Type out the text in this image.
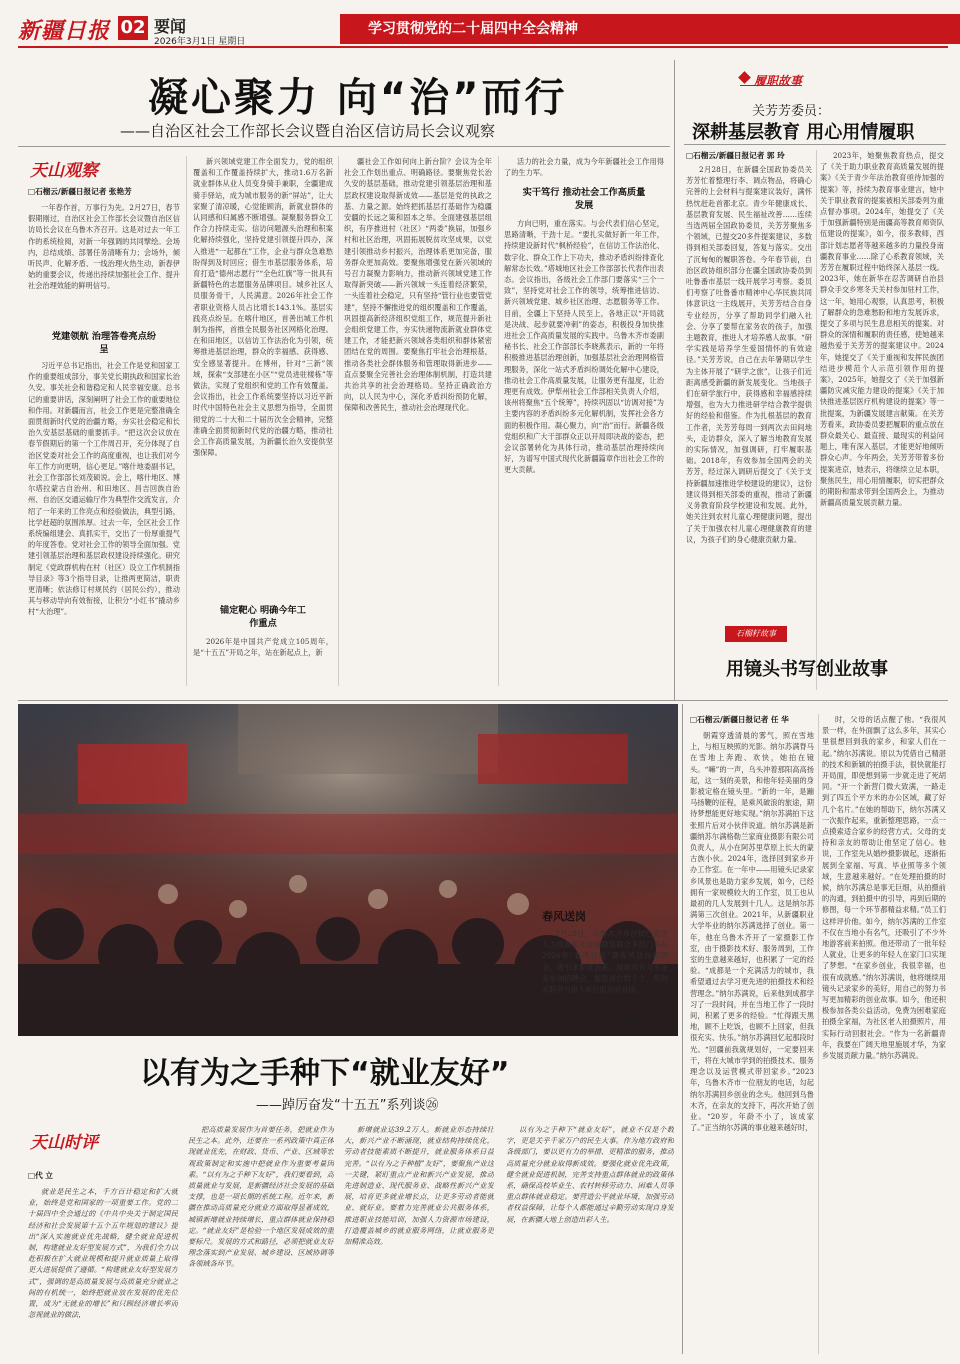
新疆日报 02 要闻
2026年3月1日 星期日
学习贯彻党的二十届四中全会精神
凝心聚力 向“治”而行
——自治区社会工作部长会议暨自治区信访局长会议观察
天山观察
□石榴云/新疆日报记者 张艳芳

一年春作首，万事行为先。2月27日，春节假期刚过，自治区社会工作部长会议暨自治区信访局长会议在乌鲁木齐召开。这是对过去一年工作的系统检阅，对新一年强调的共同擘绘。会场内，总结成绩、部署任务清晰有力；会场外，倾听民声、化解矛盾、一线治理火热生动，新春伊始的重要会议，传递出持续加强社会工作、提升社会治理效能的鲜明信号。

党建领航 治理答卷亮点纷呈

习近平总书记指出，社会工作是党和国家工作的重要组成部分，事关党长期执政和国家长治久安。事关社会和谐稳定和人民幸福安康。总书记的重要讲话，深刻阐明了社会工作的重要地位和作用。对新疆而言，社会工作更是完整准确全面贯彻新时代党的治疆方略，夯实社会稳定和长治久安基层基础的重要抓手。“把这次会议放在春节假期后的第一个工作周召开，充分体现了自治区党委对社会工作的高度重视，也让我们对今年工作方向更明，信心更足。”喀什地委副书记，社会工作部部长刘茂硕说。会上，喀什地区、博尔塔拉蒙古自治州、和田地区、昌吉回族自治州、自治区交通运输厅作为典型作交流发言，介绍了一年来的工作亮点和经验做法，典型引路，比学赶超的氛围浓厚。过去一年，全区社会工作系统编组建会、真抓实干，交出了一份厚重提气的年度答卷。党对社会工作的领导全面加强。党建引领基层治理和基层政权建设持续强化。研究制定《党政群机构在村（社区）设立工作机制指导目录》等3个指导目录，让推两更简洁，职责更清晰；依法修订村规民约（居民公约），推动其与移动导向有效衔接，让积分“小红书”撬动乡村“大治理”。

新兴领域党建工作全面发力，党的组织覆盖和工作覆盖持续扩大，推动1.6万名新就业群体从业人员变身骑手兼职，全疆建成骑手驿站，成为城市服务的新“屏站”，让大家聚了清凉暖，心觉能顾消，新就业群体的认同感和归属感不断增强。凝聚服务群众工作合力持续走实。信访问题源头治理和积案化解持续强化，坚持党建引领提升四办，深入推进“一起都在”工作，企业与群众急难愁盼得到及时回应；借生市基层服务体系，培育打造“德州志愿行”“全色红旗”等一批具有新疆特色的志愿服务品牌项目。城乡社区人员服务骨干，人民满意。2026年社会工作者职业资格人员占比增长143.1%。基层实践亮点纷呈。在喀什地区，首善出城工作机制为指挥，首推全民服务社区网格化治理。在和田地区，以信访工作法治化为引领，统筹推进基层治理，群众的幸福感、获得感、安全感显著提升。在博州，针对“三新”领域，探索“支部建在小区”“党员进驻楼栋”等做法，实现了党组织和党的工作有效覆盖。会议指出，社会工作系统要坚持以习近平新时代中国特色社会主义思想为指导，全面贯彻党的二十大和二十届历次全会精神，完整准确全面贯彻新时代党的治疆方略，推动社会工作高质量发展，为新疆长治久安提供坚强保障。

锚定靶心 明确今年工作重点

2026年是中国共产党成立105周年，是“十五五”开局之年，站在新起点上，新

疆社会工作如何向上新台阶？会议为全年社会工作划出重点、明确路径。要聚焦党长治久安的基层基础，推动党建引领基层治理和基层政权建设取得新成效——基层是党的执政之基、力量之源。始终把抓基层打基础作为稳疆安疆的长远之策和固本之举。全面建强基层组织，有序推进村（社区）“两委”换届，加强乡村和社区治理，巩固拓展脱贫攻坚成果，以党建引领推动乡村振兴，治理体系更加完备，服务群众更加高效。要聚焦增强党在新兴领域的号召力凝聚力影响力，推动新兴领域党建工作取得新突破——新兴领域一头连着经济繁荣，一头连着社会稳定，只有坚持“管行业也要管党建”，坚持不懈推进党的组织覆盖和工作覆盖，巩固提高新经济组织党组工作，规范提升新社会组织党建工作，夯实快递物流新就业群体党建工作，才能把新兴领域各类组织和群体紧密团结在党的周围。要聚焦打牢社会治理根基，推动各类社会群体服务和管理取得新进步——直点要聚全完善社会治理体制机制，打造共建共治共享的社会治理格局。坚持正确政治方向，以人民为中心，深化矛盾纠纷预防化解，保障和改善民生，推动社会治理现代化。

活力的社会力量，成为今年新疆社会工作用得了的生力军。

实干笃行 推动社会工作高质量发展

方向已明，重在落实。与会代表们信心坚定，思路清晰，干劲十足。“要扎实做好新一年工作，持续建设新时代“枫桥经验”，在信访工作法治化、数字化、群众工作上下功夫，推动矛盾纠纷排查化解常态长效。”塔城地区社会工作部部长代表作出表态。会议指出，各级社会工作部门要落实“三个一致”，坚持党对社会工作的领导，统筹推进信访、新兴领域党建、城乡社区治理、志愿服务等工作。目前，全疆上下坚持人民至上，各地正以“开局就是决战、起步就要冲刺”的姿态，积极投身加快推进社会工作高质量发展的实践中。乌鲁木齐市委副秘书长、社会工作部部长李晓燕表示，新的一年将积极推进基层治理创新，加强基层社会治理网格管理服务，深化一站式矛盾纠纷调处化解中心建设，推动社会工作高质量发展，让服务更有温度，让治理更有成效。伊犁州社会工作部相关负责人介绍，该州将聚焦“五个统筹”，持续巩固以“访调对接”为主要内容的矛盾纠纷多元化解机制，发挥社会各方面的积极作用。凝心聚力，向“治”而行。新疆各级党组织和广大干部群众正以开局即决战的姿态，把会议部署转化为具体行动，推动基层治理持续向好，为谱写中国式现代化新疆篇章作出社会工作的更大贡献。

履职故事
关芳芳委员：
深耕基层教育 用心用情履职
□石榴云/新疆日报记者 郭 玲

2月28日，在新疆全国政协委员关芳芳忙着整理行李、调点物品，将确心完善的上会材料与提案建议装好，满怀热忱赶赴首都北京。青少年健康成长、基层教育发展、民生福祉改善……连续当选两届全国政协委员，关芳芳聚焦多个领域，已提交20多件提案建议，多数得到相关部委回复，答复与落实。交出了沉甸甸的履职答卷。今年春节前，自治区政协组织部分在疆全国政协委员到吐鲁番市基层一线开展学习考察。委员们考察了吐鲁番市精神中心华民族共同体意识这一主线展开，关芳芳结合自身专业经历，分享了帮助同学们融入社会、分享了要帮在家务农的孩子，加强主题教育，推进人才培养感人故事。“研学实践是培养学生爱国情怀的有效途径。”关芳芳说，自己在去年暑期以学生为主体开展了“研学之旅”，让孩子们近距离感受新疆的新发展变化。当地孩子们在研学旅行中，获得感和幸福感持续增强，也为大力推进研学结合教学提供好的经验和借鉴。作为扎根基层的教育工作者，关芳芳每周一到两次去田间地头，走访群众，深入了解当地教育发展的实际情况，加强调研，打牢履职基础。2018年，有效参加全国两会的关芳芳，经过深入调研后提交了《关于支持新疆加速推进学校建设的建议》，这份建议得到相关部委的重视，推动了新疆义务教育阶段学校建设和发展。此外，她关注到农村儿童心理健康问题，提出了关于加强农村儿童心理健康教育的建议，为孩子们的身心健康贡献力量。

2023年，她聚焦教育热点，提交了《关于助力职业教育高质量发展的提案》《关于青少年法治教育亟待加强的提案》等，持续为教育事业建言，她中关于职业教育的提案被相关部委列为重点督办事项。2024年，她提交了《关于加强新疆特别是南疆高等教育师资队伍建设的提案》，如今，很多教师，西部计划志愿者等越来越多的力量投身南疆教育事业……除了心系教育领域，关芳芳在履职过程中始终深入基层一线。2023年，她在新华在忍苦调研自治县群众手交乡寒冬天关村参加驻村工作，这一年，她用心观察，认真思考，积极了解群众的急难愁盼和地方发展诉求，提交了多项与民生息息相关的提案。对群众的深情和履职的责任感，使她越来越热爱于关芳芳的提案建议中。2024年，她提交了《关于重视和发挥民族团结进步模范个人示范引领作用的提案》，2025年，她提交了《关于加强新疆防灾减灾能力建设的提案》《关于加快推进基层医疗机构建设的提案》等一批提案，为新疆发展建言献策。在关芳芳看来，政协委员要把履职的重点放在群众最关心、最直接、最现实的利益问题上，唯有深入基层，才能更好地倾听群众心声。今年两会，关芳芳带着多份提案进京，她表示，将继续立足本职，聚焦民生，用心用情履职，切实把群众的期盼和需求带到全国两会上，为推动新疆高质量发展贡献力量。

石榴籽故事
用镜头书写创业故事
春风送岗

2月28日，乌鲁木齐市沙依巴克区人力资源和社会保障局联合多部门举办2026年“春风行动”暨春风送岗招聘会，吸引求职者前来。现场共有众多企业参加招聘会，提供岗位数千个，帮助求职者与用人单位面对面对接。

□石榴云/新疆日报记者 王 简 摄
□石榴云/新疆日报记者 任 华

朝霞穿透清晨的雾气，照在雪地上，与相互映照的光影。纳尔苏满脊马在雪地上奔跑、欢快，她拍在镜头。“嘛”的一声，乌头冲着那阳高高扬起，这一刻的美景，和他年轻美丽的身影被定格在镜头里。“新的一年，是蹦马扬鞭的征程，是乘风破浪的旅途，期待梦想能更好地实现。”纳尔苏满拍下这张照片后对小伙伴说道。纳尔苏满是新疆纳苏尔满格勒兰家商业摄影有限公司负责人，从小在阿苏里草原上长大的蒙古族小伙。2024年，选择回到家乡开办工作室。在一年中——用镜头记录家乡风景也是助力家乡发展，如今，已经拥有一家规模较大的工作室，员工也从最初的几人发展到十几人。这是纳尔苏满第三次创业。2021年，从新疆职业大学毕业的纳尔苏满选择了创业。第一年，他在乌鲁木齐开了一家摄影工作室，由于摄影技术好、服务周到，工作室的生意越来越好，也积累了一定的经验。“成都是一个充满活力的城市，我希望通过去学习更先进的拍摄技术和经营理念。”纳尔苏满说，后来他到成都学习了一段时间，并在当地工作了一段时间，积累了更多的经验。“忙得跟天黑地，顾不上吃饭，也顾不上回家，但我很充实、快乐。”纳尔苏满回忆起那段时光。“回疆前我就规划好，一定要回来干，将在大城市学到的拍摄技术、服务理念以及运营模式带回家乡。”2023年，乌鲁木齐市一位朋友的电话，勾起纳尔苏满回乡创业的念头。他回到乌鲁木齐，在亲友的支持下，再次开始了创业。“20岁，年龄不小了，该成家了。”正当纳尔苏满的事业越来越好时，

时，父母的话点醒了他。“我很风景一样，在外面飘了这么多年，其实心里很想回到我的家乡，和家人们在一起。”纳尔苏满说。原以为凭借自己精湛的技术和新颖的拍摄手法，很快就能打开局面，即使想到第一步就走进了死胡同。“开一个新营门微大致满，一路走到了四五个平方米的办公区域，藏了好几个名片。”在她的帮助下，纳尔苏满又一次振作起来，重新整理思路，一点一点摸索适合家乡的经营方式。父母的支持和亲友的帮助让他坚定了信心。他说，工作室先从婚纱摄影做起，逐渐拓展到全家福、写真、毕业照等多个领域，生意越来越好。“在处理拍摄的时候，纳尔苏满总是事无巨细，从拍摄前的沟通，到拍摄中的引导，再到后期的修图，每一个环节都精益求精。”员工们这样评价他。如今，纳尔苏满的工作室不仅在当地小有名气，还吸引了不少外地游客前来拍照。他还带动了一批年轻人就业，让更多的年轻人在家门口实现了梦想。“在家乡创业，我很幸福，也很有成就感。”纳尔苏满说，他将继续用镜头记录家乡的美好，用自己的努力书写更加精彩的创业故事。如今，他还积极参加各类公益活动，免费为困难家庭拍摄全家福，为社区老人拍摄照片，用实际行动回报社会。“作为一名新疆青年，我要在广阔天地里施展才华，为家乡发展贡献力量。”纳尔苏满说。

以有为之手种下“就业友好”
——踔厉奋发“十五五”系列谈㉖
天山时评
□代 立

就业是民生之本，千方百计稳定和扩大就业，始终是党和国家的一项重要工作。党的二十届四中全会通过的《中共中央关于制定国民经济和社会发展第十五个五年规划的建议》提出“深入实施就业优先战略，健全就业促进机制，构建就业友好型发展方式”，为我们全力以赴积极在扩大就业规模和提升就业质量上取得更大进展提供了遵循。“构建就业友好型发展方式”，强调的是高质量发展与高质量充分就业之间的有机统一，始终把就业放在发展的优先位置，成为“无就业的增长”和只顾经济增长率而忽视就业的做法，

把高质量发展作为首要任务，把就业作为民生之本。此外，还要在一系列政策中真正体现就业优先，在财政、货币、产业、区域等宏观政策制定和实施中把就业作为重要考量因素。“以有为之手种下友好”，我们要看到，高质量就业与发展，是新疆经济社会发展的基础支撑，也是一项长期的系统工程。近年来，新疆在推动高质量充分就业方面取得显著成效，城镇新增就业持续增长，重点群体就业保持稳定。“就业友好”是检验一个地区发展成效的重要标尺。发展的方式和路径，必须把就业友好理念落实到产业发展、城乡建设、区域协调等各领域各环节。

新增就业达39.2万人。新就业形态持续壮大，新兴产业不断涌现，就业结构持续优化，劳动者技能素质不断提升，就业服务体系日益完善。“以有为之手种植”友好”，要聚焦产业这一关键，紧盯重点产业和新兴产业发展，推动先进制造业、现代服务业、战略性新兴产业发展，培育更多就业增长点，让更多劳动者能就业、就好业。要着力完善就业公共服务体系，推进职业技能培训，加强人力资源市场建设，打造覆盖城乡的就业服务网络，让就业服务更加精准高效。

以有为之手种下“就业友好”，就业不仅是个数字，更是关乎千家万户的民生大事。作为地方政府和各级部门，要以更有力的举措、更精准的服务，推动高质量充分就业取得新成效。要强化就业优先政策，健全就业促进机制，完善支持重点群体就业的政策体系，确保高校毕业生、农村转移劳动力、困难人员等重点群体就业稳定。要营造公平就业环境，加强劳动者权益保障，让每个人都能通过辛勤劳动实现自身发展，在新疆大地上创造出彩人生。
